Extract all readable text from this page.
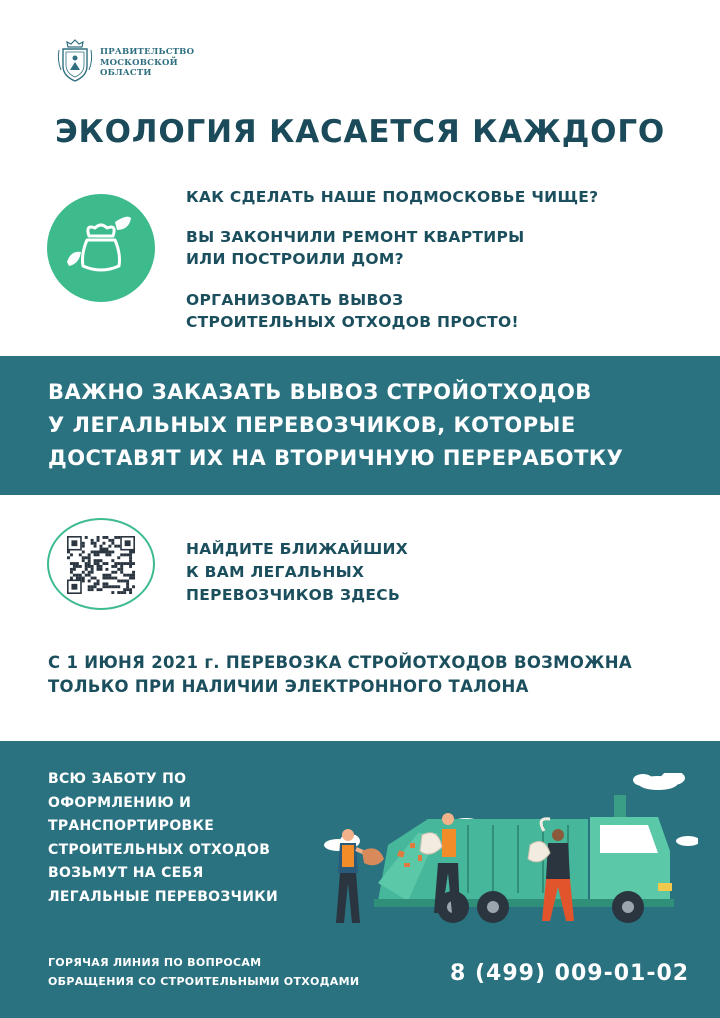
ПРАВИТЕЛЬСТВО
МОСКОВСКОЙ
ОБЛАСТИ
ЭКОЛОГИЯ КАСАЕТСЯ КАЖДОГО
КАК СДЕЛАТЬ НАШЕ ПОДМОСКОВЬЕ ЧИЩЕ?
ВЫ ЗАКОНЧИЛИ РЕМОНТ КВАРТИРЫ
ИЛИ ПОСТРОИЛИ ДОМ?
ОРГАНИЗОВАТЬ ВЫВОЗ
СТРОИТЕЛЬНЫХ ОТХОДОВ ПРОСТО!
ВАЖНО ЗАКАЗАТЬ ВЫВОЗ СТРОЙОТХОДОВ
У ЛЕГАЛЬНЫХ ПЕРЕВОЗЧИКОВ, КОТОРЫЕ
ДОСТАВЯТ ИХ НА ВТОРИЧНУЮ ПЕРЕРАБОТКУ
НАЙДИТЕ БЛИЖАЙШИХ
К ВАМ ЛЕГАЛЬНЫХ
ПЕРЕВОЗЧИКОВ ЗДЕСЬ
С 1 ИЮНЯ 2021 г. ПЕРЕВОЗКА СТРОЙОТХОДОВ ВОЗМОЖНА
ТОЛЬКО ПРИ НАЛИЧИИ ЭЛЕКТРОННОГО ТАЛОНА
ВСЮ ЗАБОТУ ПО
ОФОРМЛЕНИЮ И
ТРАНСПОРТИРОВКЕ
СТРОИТЕЛЬНЫХ ОТХОДОВ
ВОЗЬМУТ НА СЕБЯ
ЛЕГАЛЬНЫЕ ПЕРЕВОЗЧИКИ
ГОРЯЧАЯ ЛИНИЯ ПО ВОПРОСАМ
ОБРАЩЕНИЯ СО СТРОИТЕЛЬНЫМИ ОТХОДАМИ	8 (499) 009-01-02
